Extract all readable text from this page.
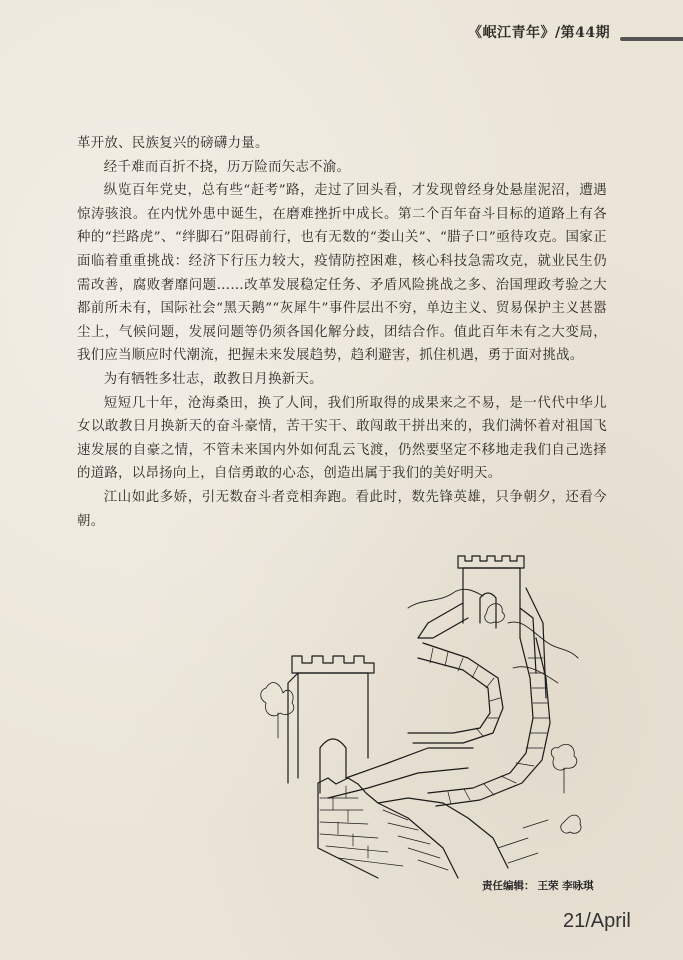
《岷江青年》/第44期

革开放、民族复兴的磅礴力量。

经千难而百折不挠，历万险而矢志不渝。

纵览百年党史，总有些“赶考”路，走过了回头看，才发现曾经身处悬崖泥沼，遭遇惊涛骇浪。在内忧外患中诞生，在磨难挫折中成长。第二个百年奋斗目标的道路上有各种的“拦路虎”、“绊脚石”阻碍前行，也有无数的“娄山关”、“腊子口”亟待攻克。国家正面临着重重挑战：经济下行压力较大，疫情防控困难，核心科技急需攻克，就业民生仍需改善，腐败奢靡问题……改革发展稳定任务、矛盾风险挑战之多、治国理政考验之大都前所未有，国际社会“黑天鹅”“灰犀牛”事件层出不穷，单边主义、贸易保护主义甚嚣尘上，气候问题，发展问题等仍须各国化解分歧，团结合作。值此百年未有之大变局，我们应当顺应时代潮流，把握未来发展趋势，趋利避害，抓住机遇，勇于面对挑战。

为有牺牲多壮志，敢教日月换新天。

短短几十年，沧海桑田，换了人间，我们所取得的成果来之不易，是一代代中华儿女以敢教日月换新天的奋斗豪情，苦干实干、敢闯敢干拼出来的，我们满怀着对祖国飞速发展的自豪之情，不管未来国内外如何乱云飞渡，仍然要坚定不移地走我们自己选择的道路，以昂扬向上，自信勇敢的心态，创造出属于我们的美好明天。

江山如此多娇，引无数奋斗者竞相奔跑。看此时，数先锋英雄，只争朝夕，还看今朝。

责任编辑： 王荣 李咏琪
21/April
